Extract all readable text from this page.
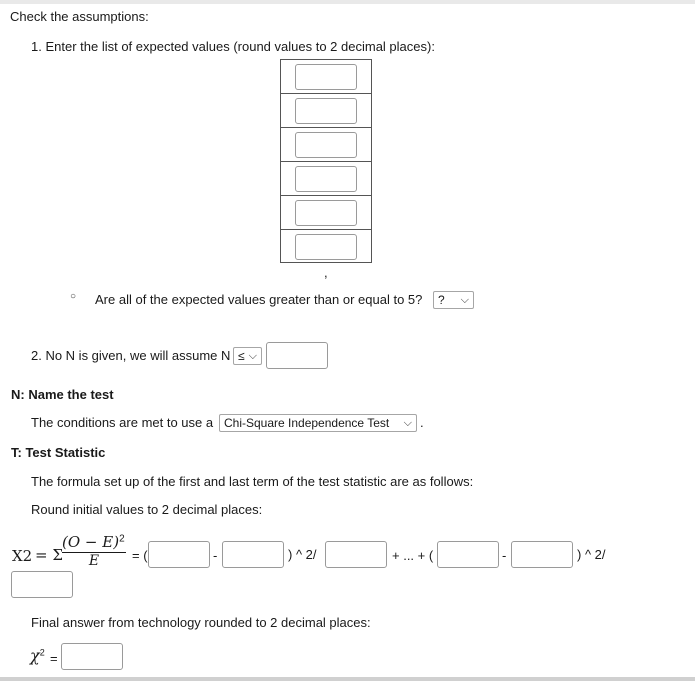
Check the assumptions:
1. Enter the list of expected values (round values to 2 decimal places):
,
○ Are all of the expected values greater than or equal to 5?	? ⌵
2. No N is given, we will assume N ≤ ⌵
N: Name the test
The conditions are met to use a Chi-Square Independence Test ⌵ .
T: Test Statistic
The formula set up of the first and last term of the test statistic are as follows:
Round initial values to 2 decimal places:
X2 = Σ
$(O - E)^2$
E	= (	-	) ^ 2/	+ ... + (	-	) ^ 2/
Final answer from technology rounded to 2 decimal places:
$\chi^2$ =
